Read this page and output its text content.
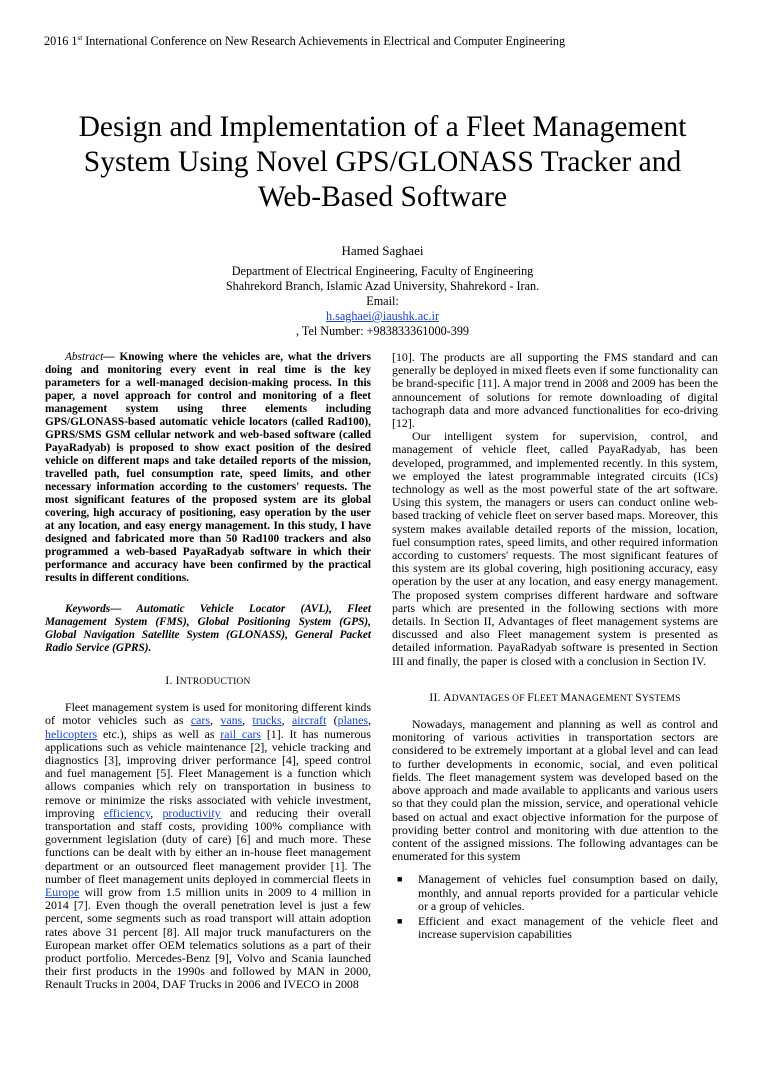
2016 1st International Conference on New Research Achievements in Electrical and Computer Engineering
Design and Implementation of a Fleet Management
System Using Novel GPS/GLONASS Tracker and
Web-Based Software
Hamed Saghaei
Department of Electrical Engineering, Faculty of Engineering
Shahrekord Branch, Islamic Azad University, Shahrekord - Iran.
Email:
h.saghaei@iaushk.ac.ir
, Tel Number: +983833361000-399

Abstract— Knowing where the vehicles are, what the drivers doing and monitoring every event in real time is the key parameters for a well-managed decision-making process. In this paper, a novel approach for control and monitoring of a fleet management system using three elements including GPS/GLONASS-based automatic vehicle locators (called Rad100), GPRS/SMS GSM cellular network and web-based software (called PayaRadyab) is proposed to show exact position of the desired vehicle on different maps and take detailed reports of the mission, travelled path, fuel consumption rate, speed limits, and other necessary information according to the customers' requests. The most significant features of the proposed system are its global covering, high accuracy of positioning, easy operation by the user at any location, and easy energy management. In this study, I have designed and fabricated more than 50 Rad100 trackers and also programmed a web-based PayaRadyab software in which their performance and accuracy have been confirmed by the practical results in different conditions.

Keywords— Automatic Vehicle Locator (AVL), Fleet Management System (FMS), Global Positioning System (GPS), Global Navigation Satellite System (GLONASS), General Packet Radio Service (GPRS).

I. INTRODUCTION

Fleet management system is used for monitoring different kinds of motor vehicles such as cars, vans, trucks, aircraft (planes, helicopters etc.), ships as well as rail cars [1]. It has numerous applications such as vehicle maintenance [2], vehicle tracking and diagnostics [3], improving driver performance [4], speed control and fuel management [5]. Fleet Management is a function which allows companies which rely on transportation in business to remove or minimize the risks associated with vehicle investment, improving efficiency, productivity and reducing their overall transportation and staff costs, providing 100% compliance with government legislation (duty of care) [6] and much more. These functions can be dealt with by either an in-house fleet management department or an outsourced fleet management provider [1]. The number of fleet management units deployed in commercial fleets in Europe will grow from 1.5 million units in 2009 to 4 million in 2014 [7]. Even though the overall penetration level is just a few percent, some segments such as road transport will attain adoption rates above 31 percent [8]. All major truck manufacturers on the European market offer OEM telematics solutions as a part of their product portfolio. Mercedes-Benz [9], Volvo and Scania launched their first products in the 1990s and followed by MAN in 2000, Renault Trucks in 2004, DAF Trucks in 2006 and IVECO in 2008

[10]. The products are all supporting the FMS standard and can generally be deployed in mixed fleets even if some functionality can be brand-specific [11]. A major trend in 2008 and 2009 has been the announcement of solutions for remote downloading of digital tachograph data and more advanced functionalities for eco-driving [12].

Our intelligent system for supervision, control, and management of vehicle fleet, called PayaRadyab, has been developed, programmed, and implemented recently. In this system, we employed the latest programmable integrated circuits (ICs) technology as well as the most powerful state of the art software. Using this system, the managers or users can conduct online web-based tracking of vehicle fleet on server based maps. Moreover, this system makes available detailed reports of the mission, location, fuel consumption rates, speed limits, and other required information according to customers' requests. The most significant features of this system are its global covering, high positioning accuracy, easy operation by the user at any location, and easy energy management. The proposed system comprises different hardware and software parts which are presented in the following sections with more details. In Section II, Advantages of fleet management systems are discussed and also Fleet management system is presented as detailed information. PayaRadyab software is presented in Section III and finally, the paper is closed with a conclusion in Section IV.

II. ADVANTAGES OF FLEET MANAGEMENT SYSTEMS

Nowadays, management and planning as well as control and monitoring of various activities in transportation sectors are considered to be extremely important at a global level and can lead to further developments in economic, social, and even political fields. The fleet management system was developed based on the above approach and made available to applicants and various users so that they could plan the mission, service, and operational vehicle based on actual and exact objective information for the purpose of providing better control and monitoring with due attention to the content of the assigned missions. The following advantages can be enumerated for this system

■ Management of vehicles fuel consumption based on daily, monthly, and annual reports provided for a particular vehicle or a group of vehicles.
■ Efficient and exact management of the vehicle fleet and increase supervision capabilities
